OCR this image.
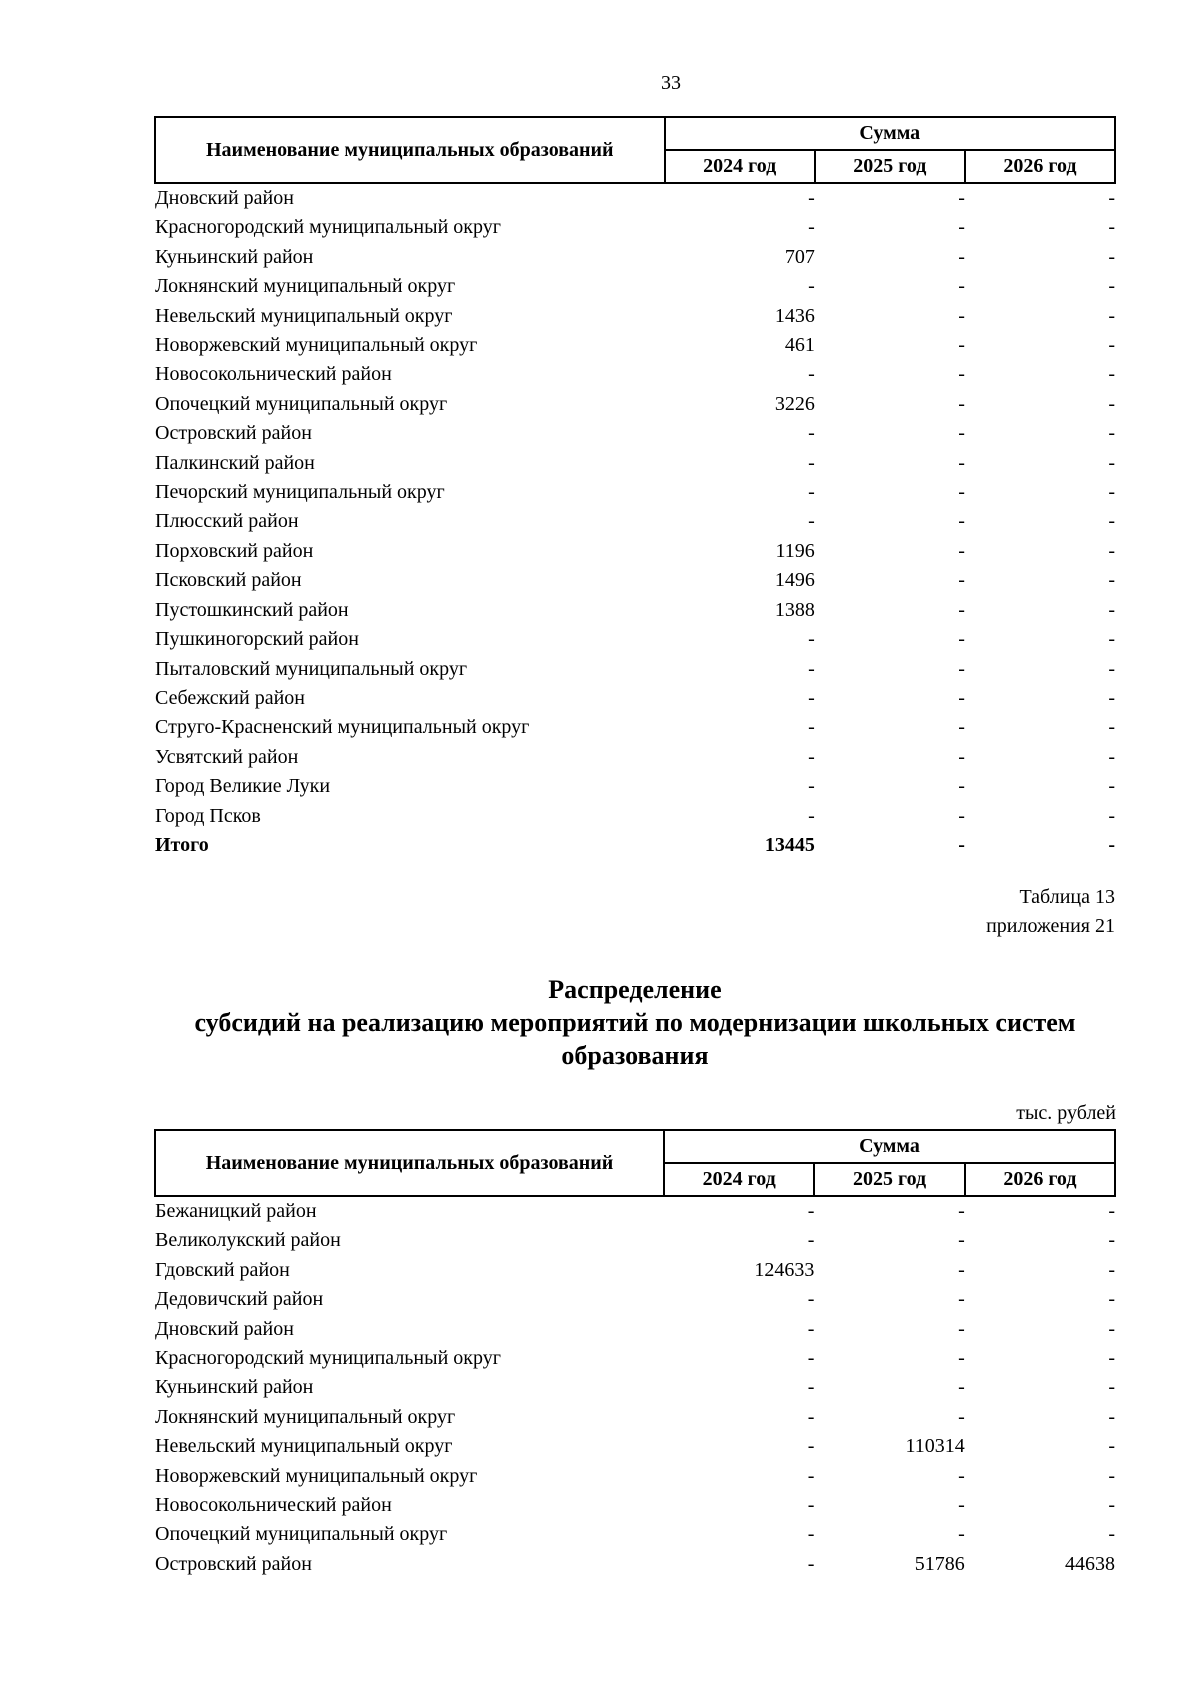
33
Наименование муниципальных образований	Сумма		
	2024 год	2025 год	2026 год
Дновский район	-	-	-
Красногородский муниципальный округ	-	-	-
Куньинский район	707	-	-
Локнянский муниципальный округ	-	-	-
Невельский муниципальный округ	1436	-	-
Новоржевский муниципальный округ	461	-	-
Новосокольнический район	-	-	-
Опочецкий муниципальный округ	3226	-	-
Островский район	-	-	-
Палкинский район	-	-	-
Печорский муниципальный округ	-	-	-
Плюсский район	-	-	-
Порховский район	1196	-	-
Псковский район	1496	-	-
Пустошкинский район	1388	-	-
Пушкиногорский район	-	-	-
Пыталовский муниципальный округ	-	-	-
Себежский район	-	-	-
Струго-Красненский муниципальный округ	-	-	-
Усвятский район	-	-	-
Город Великие Луки	-	-	-
Город Псков	-	-	-
Итого	13445	-	-
Таблица 13
приложения 21
Распределение
субсидий на реализацию мероприятий по модернизации школьных систем
образования
тыс. рублей
Наименование муниципальных образований	Сумма		
	2024 год	2025 год	2026 год
Бежаницкий район	-	-	-
Великолукский район	-	-	-
Гдовский район	124633	-	-
Дедовичский район	-	-	-
Дновский район	-	-	-
Красногородский муниципальный округ	-	-	-
Куньинский район	-	-	-
Локнянский муниципальный округ	-	-	-
Невельский муниципальный округ	-	110314	-
Новоржевский муниципальный округ	-	-	-
Новосокольнический район	-	-	-
Опочецкий муниципальный округ	-	-	-
Островский район	-	51786	44638
